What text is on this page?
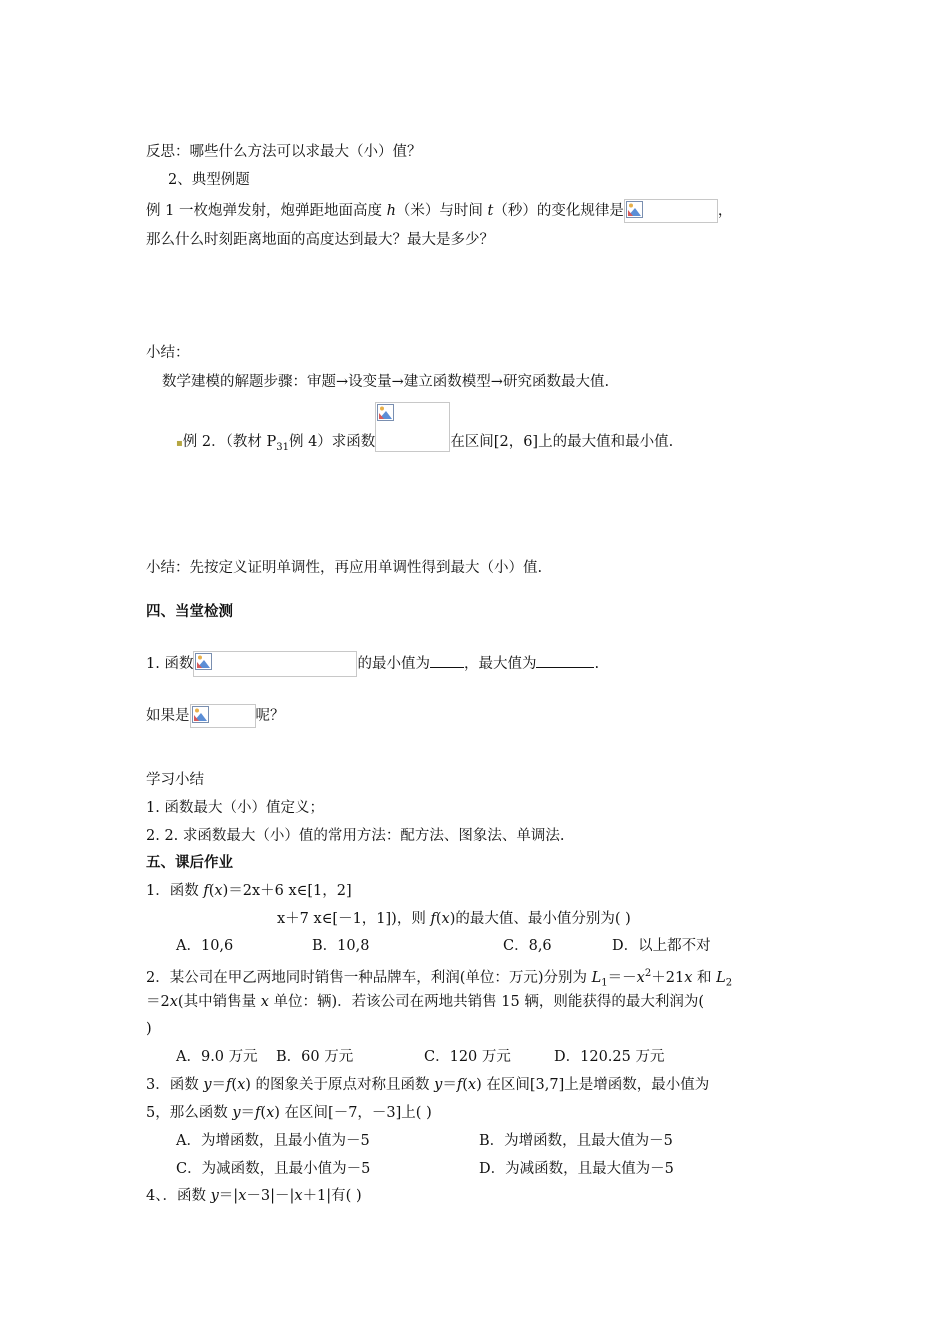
反思：哪些什么方法可以求最大（小）值？
2、典型例题
例 1 一枚炮弹发射，炮弹距地面高度 h（米）与时间 t（秒）的变化规律是	，
那么什么时刻距离地面的高度达到最大？最大是多少？
小结：
数学建模的解题步骤：审题→设变量→建立函数模型→研究函数最大值.
▪例 2．（教材 $P_{31}$例 4）求函数	在区间[2，6]上的最大值和最小值.
小结：先按定义证明单调性，再应用单调性得到最大（小）值.
四、当堂检测
1. 函数	的最小值为 ，最大值为	.
如果是	呢？
学习小结
1. 函数最大（小）值定义；
2. 2. 求函数最大（小）值的常用方法：配方法、图象法、单调法.
五、课后作业
1．函数 f(x)＝2x＋6 x∈[1，2]
x＋7 x∈[－1，1])，则 f(x)的最大值、最小值分别为( )
A．10,6	B．10,8	C．8,6	D．以上都不对
2．某公司在甲乙两地同时销售一种品牌车，利润(单位：万元)分别为 $L_1=-x^2+21x$ 和 $L_2$
＝2x(其中销售量 x 单位：辆)．若该公司在两地共销售 15 辆，则能获得的最大利润为(
)
A．9.0 万元 B．60 万元	C．120 万元	D．120.25 万元
3．函数 y＝f(x) 的图象关于原点对称且函数 y＝f(x) 在区间[3,7]上是增函数，最小值为
5，那么函数 y＝f(x) 在区间[－7，－3]上( )
A．为增函数，且最小值为－5	B．为增函数，且最大值为－5
C．为减函数，且最小值为－5	D．为减函数，且最大值为－5
4、．函数 y＝|x－3|－|x＋1|有( )
